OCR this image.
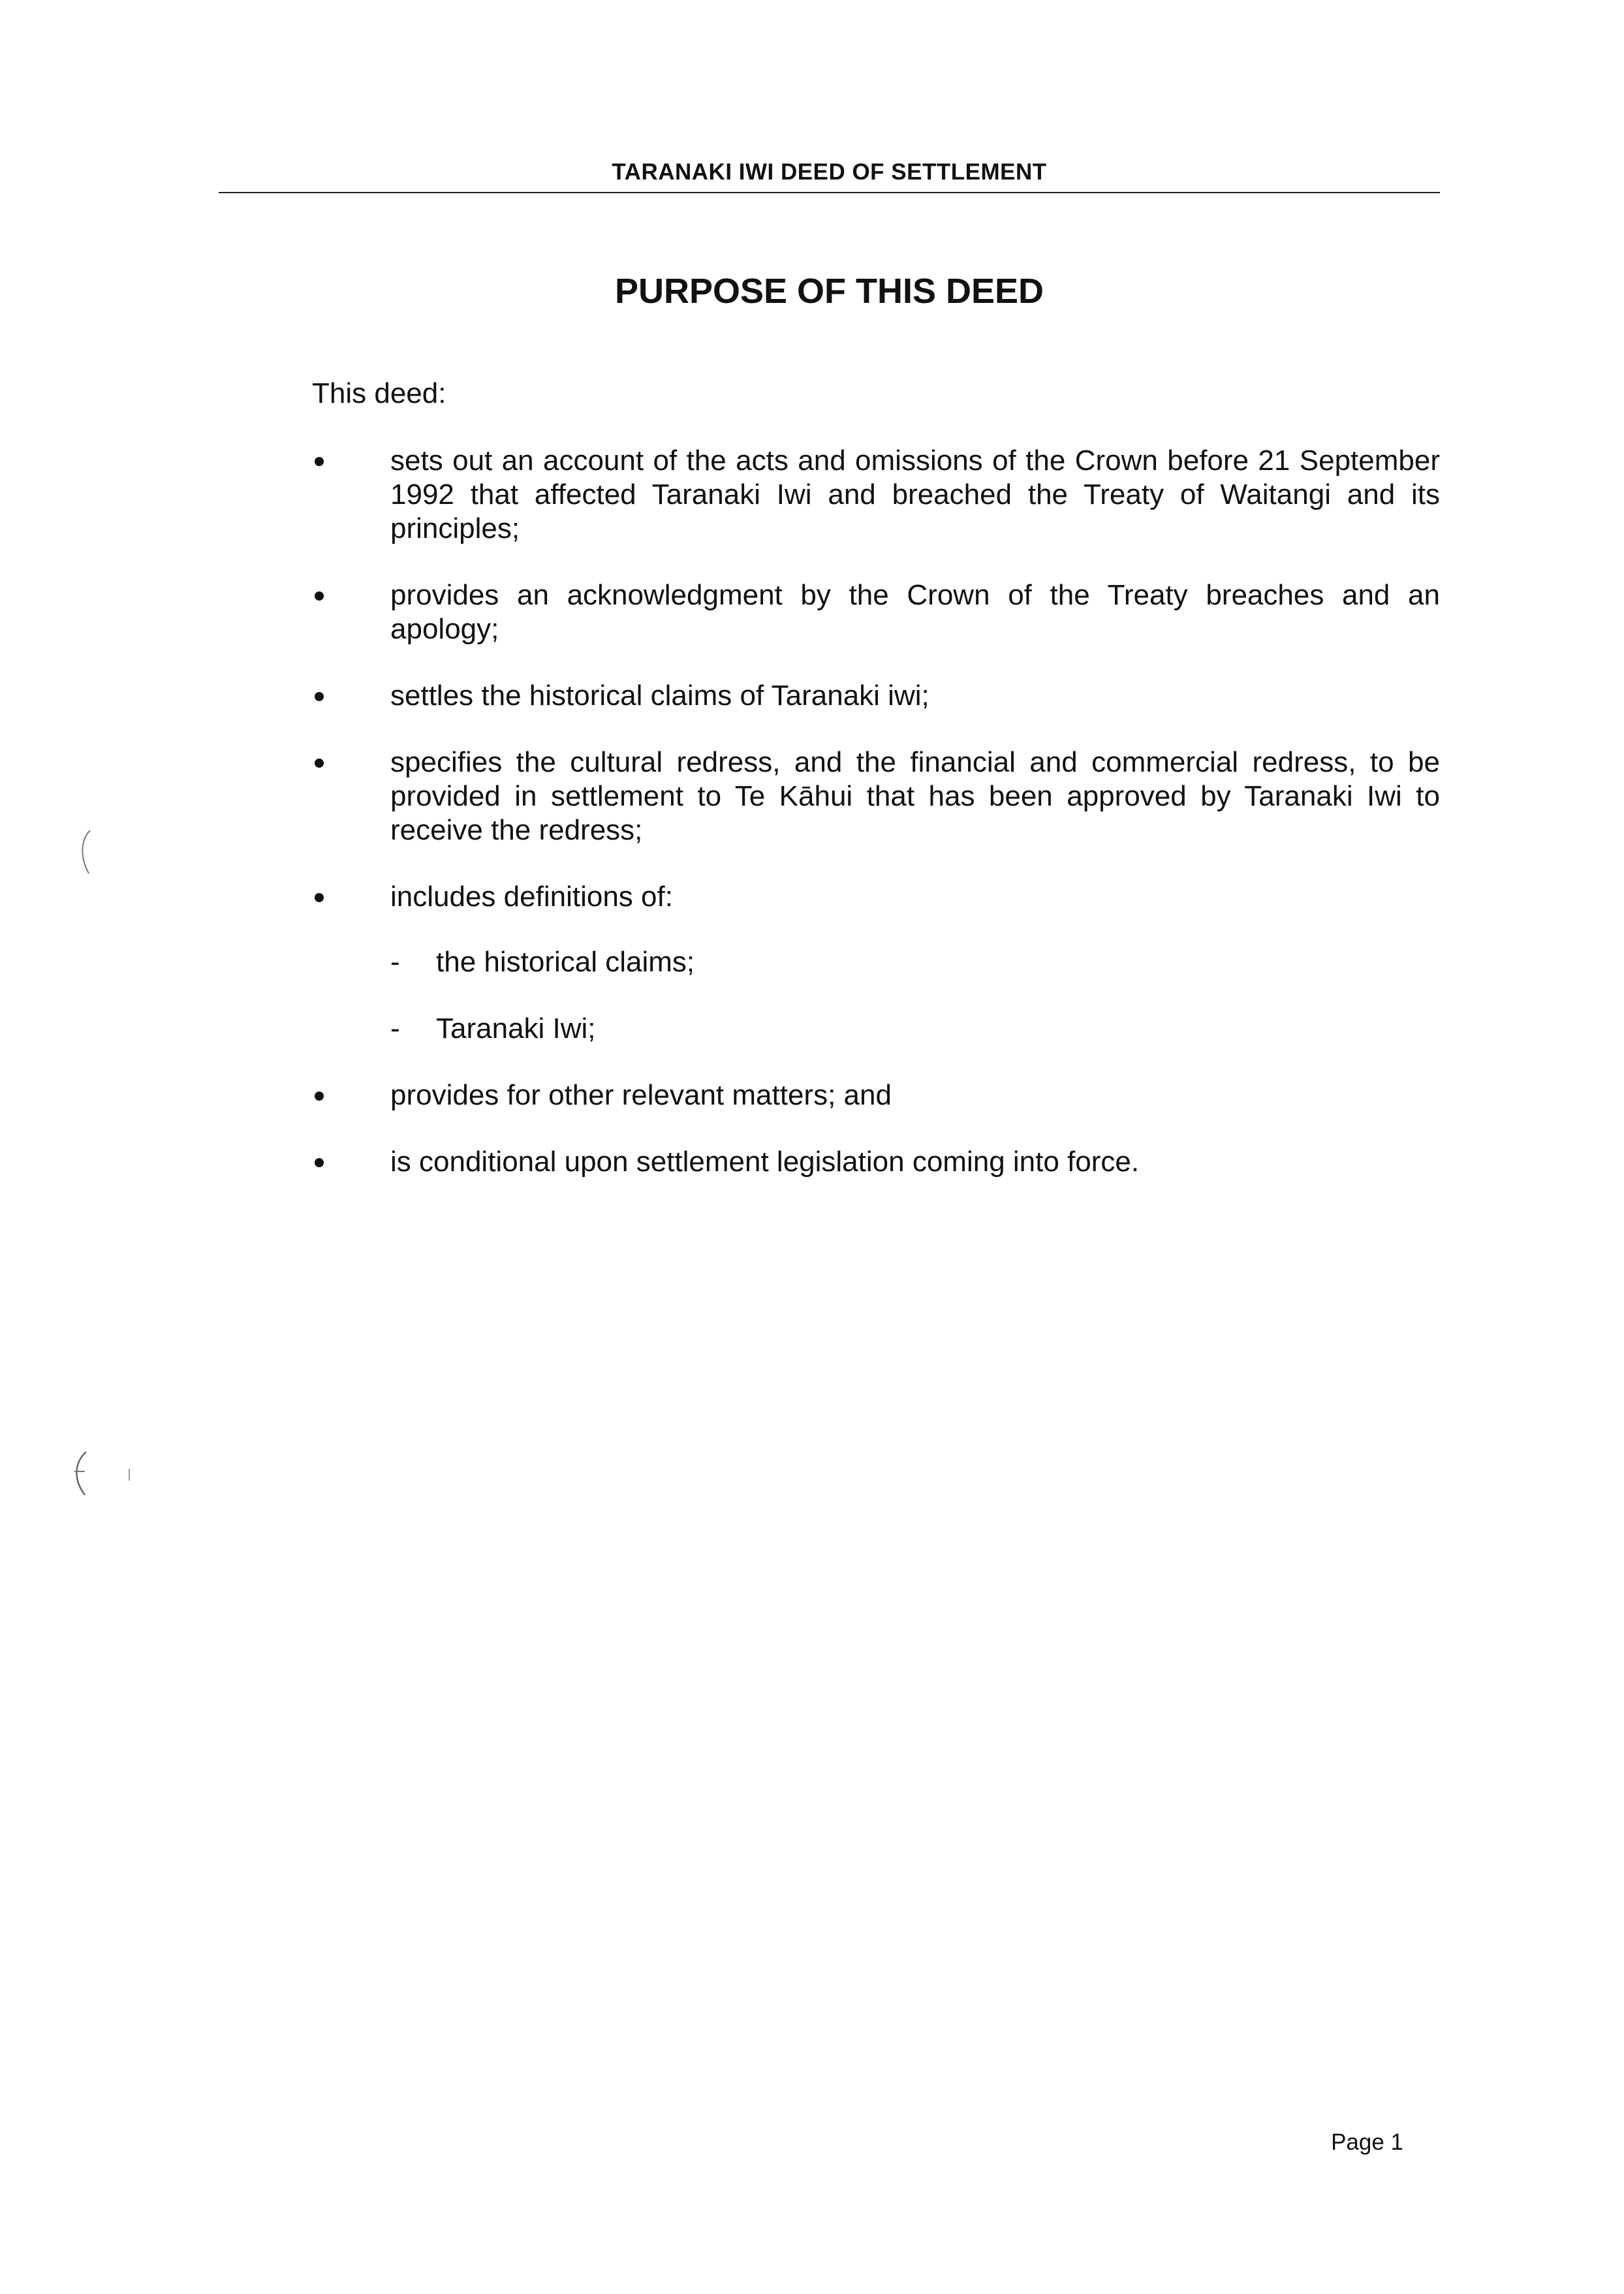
TARANAKI IWI DEED OF SETTLEMENT
PURPOSE OF THIS DEED
This deed:
sets out an account of the acts and omissions of the Crown before 21 September 1992 that affected Taranaki Iwi and breached the Treaty of Waitangi and its principles;
provides an acknowledgment by the Crown of the Treaty breaches and an apology;
settles the historical claims of Taranaki iwi;
specifies the cultural redress, and the financial and commercial redress, to be provided in settlement to Te Kāhui that has been approved by Taranaki Iwi to receive the redress;
includes definitions of:
- the historical claims;
- Taranaki Iwi;
provides for other relevant matters; and
is conditional upon settlement legislation coming into force.
Page 1
